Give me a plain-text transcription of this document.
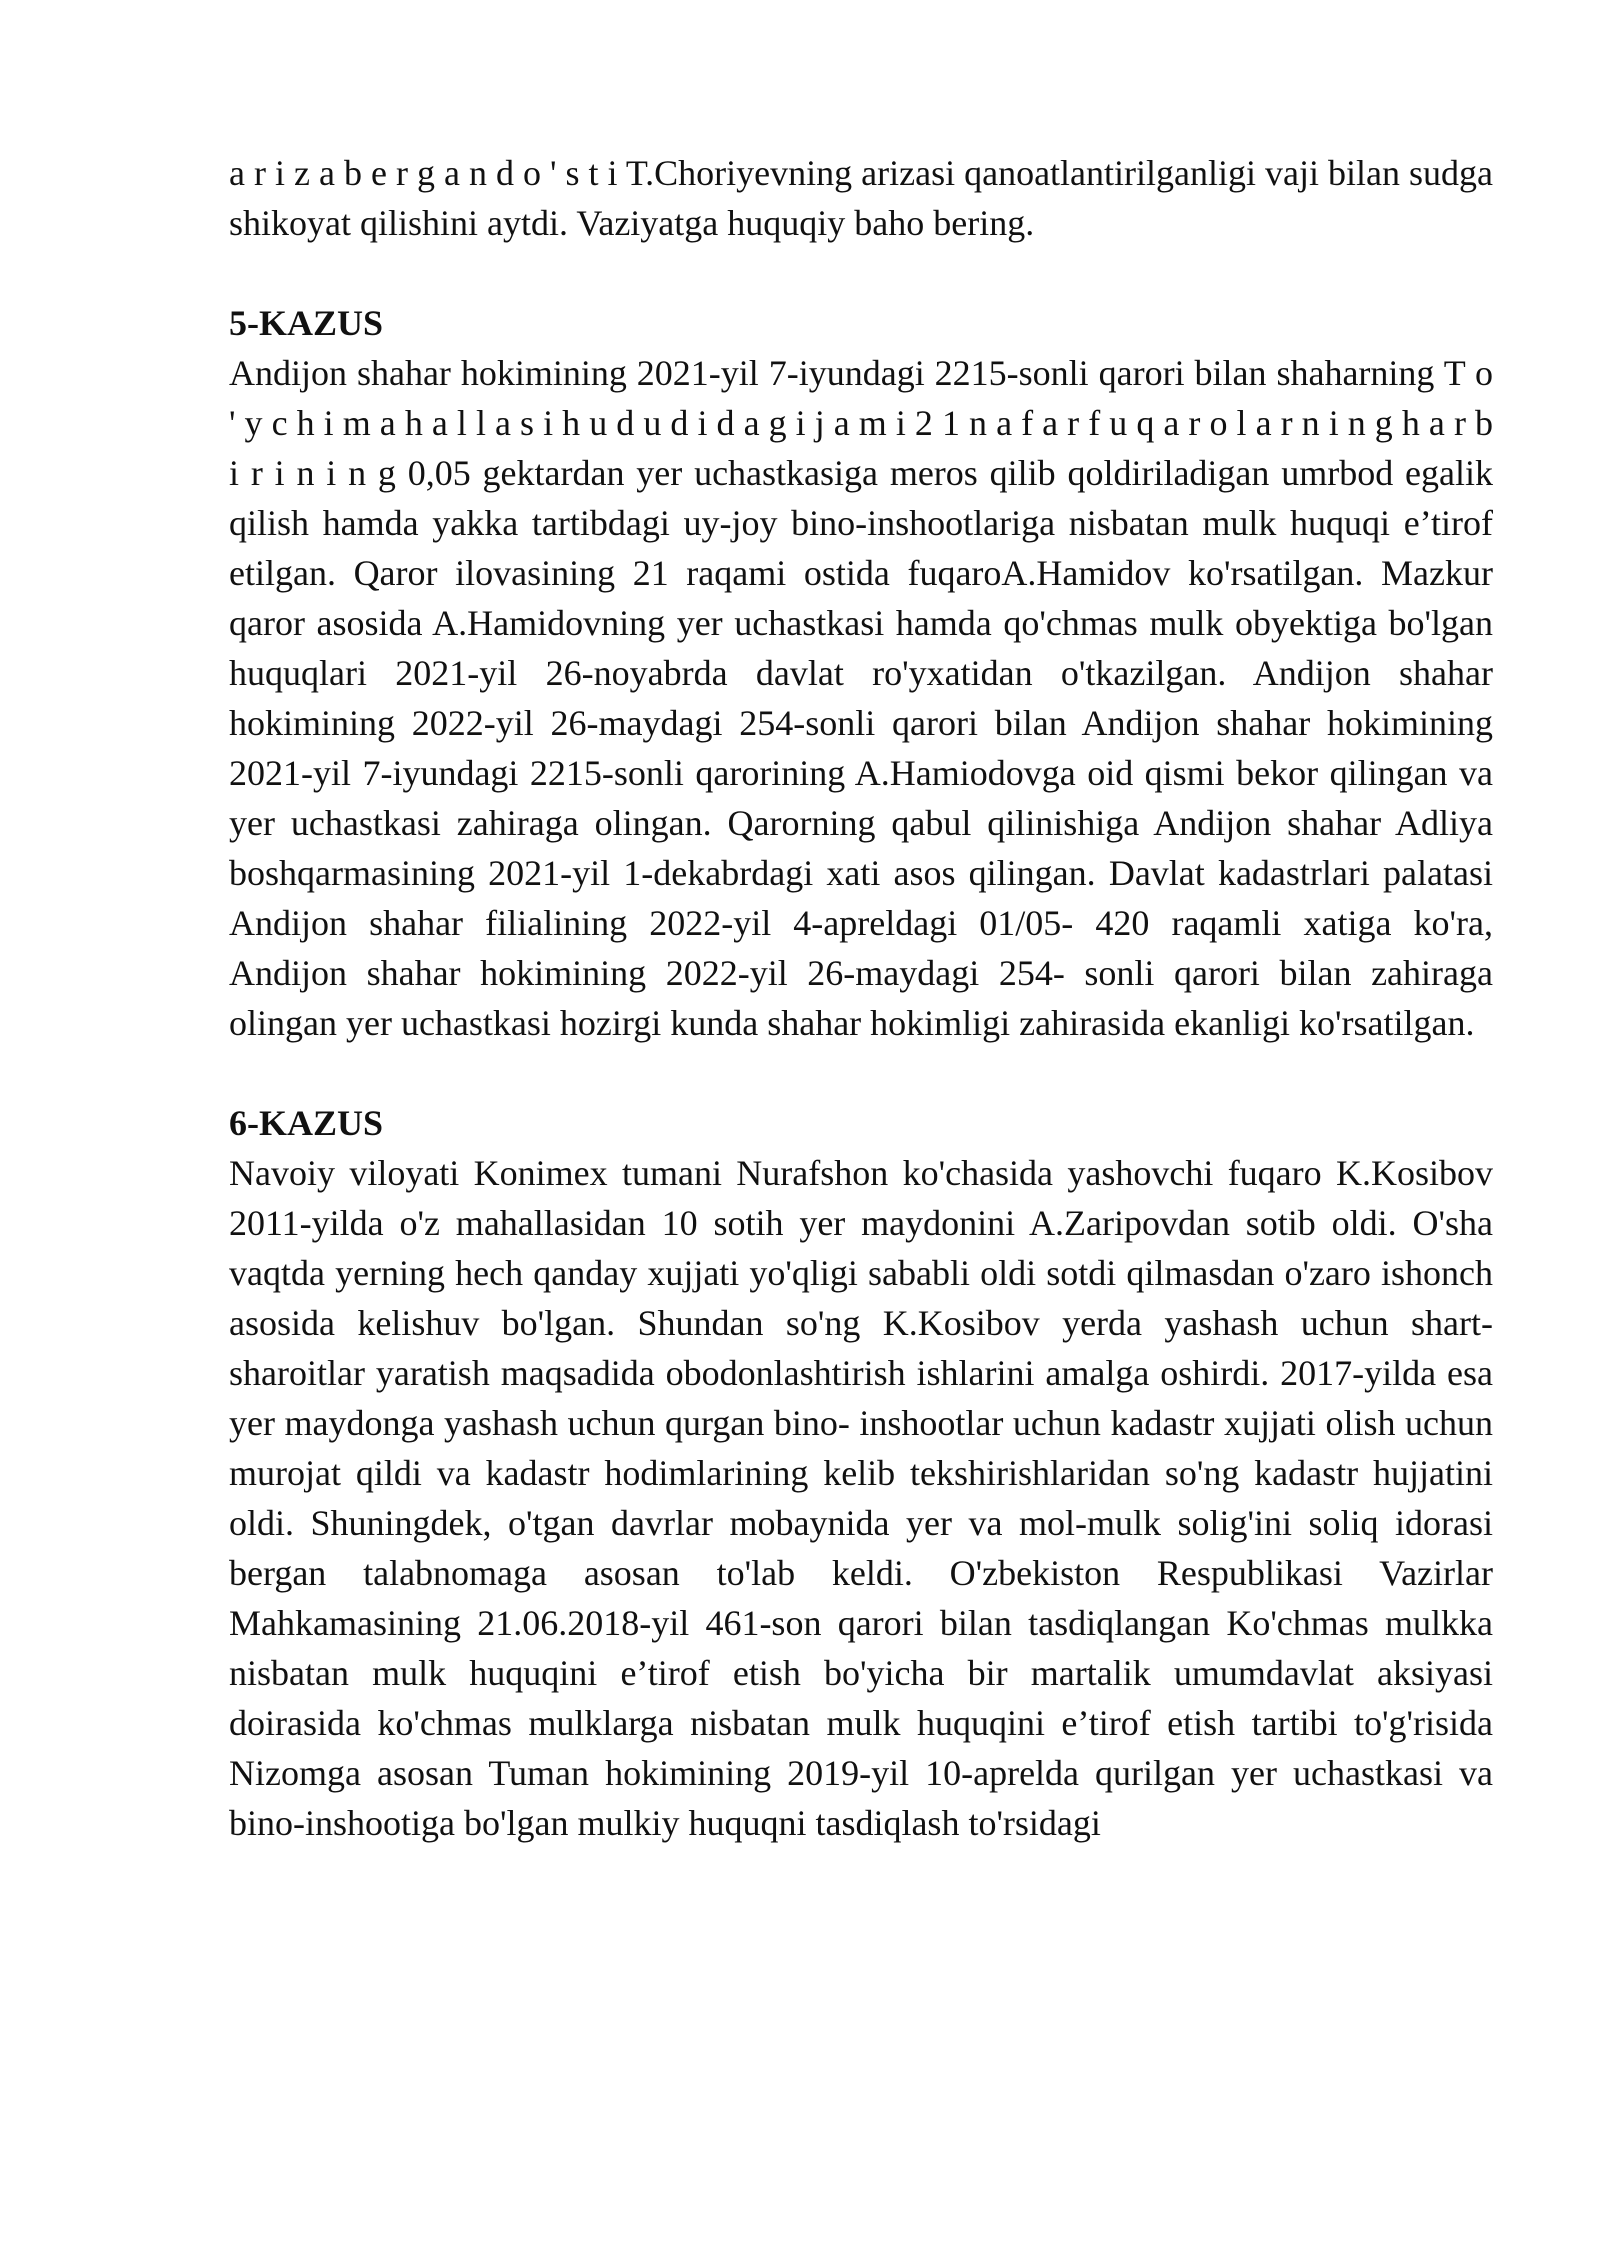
a r i z a b e r g a n d o ' s t i T.Choriyevning arizasi qanoatlantirilganligi vaji bilan sudga shikoyat qilishini aytdi. Vaziyatga huquqiy baho bering.

5-KAZUS

Andijon shahar hokimining 2021-yil 7-iyundagi 2215-sonli qarori bilan shaharning T o ' y c h i m a h a l l a s i h u d u d i d a g i j a m i 2 1 n a f a r f u q a r o l a r n i n g h a r b i r i n i n g 0,05 gektardan yer uchastkasiga meros qilib qoldiriladigan umrbod egalik qilish hamda yakka tartibdagi uy-joy bino-inshootlariga nisbatan mulk huquqi e’tirof etilgan. Qaror ilovasining 21 raqami ostida fuqaroA.Hamidov ko'rsatilgan. Mazkur qaror asosida A.Hamidovning yer uchastkasi hamda qo'chmas mulk obyektiga bo'lgan huquqlari 2021-yil 26-noyabrda davlat ro'yxatidan o'tkazilgan. Andijon shahar hokimining 2022-yil 26-maydagi 254-sonli qarori bilan Andijon shahar hokimining 2021-yil 7-iyundagi 2215-sonli qarorining A.Hamiodovga oid qismi bekor qilingan va yer uchastkasi zahiraga olingan. Qarorning qabul qilinishiga Andijon shahar Adliya boshqarmasining 2021-yil 1-dekabrdagi xati asos qilingan. Davlat kadastrlari palatasi Andijon shahar filialining 2022-yil 4-apreldagi 01/05- 420 raqamli xatiga ko'ra, Andijon shahar hokimining 2022-yil 26-maydagi 254- sonli qarori bilan zahiraga olingan yer uchastkasi hozirgi kunda shahar hokimligi zahirasida ekanligi ko'rsatilgan.

6-KAZUS

Navoiy viloyati Konimex tumani Nurafshon ko'chasida yashovchi fuqaro K.Kosibov 2011-yilda o'z mahallasidan 10 sotih yer maydonini A.Zaripovdan sotib oldi. O'sha vaqtda yerning hech qanday xujjati yo'qligi sababli oldi sotdi qilmasdan o'zaro ishonch asosida kelishuv bo'lgan. Shundan so'ng K.Kosibov yerda yashash uchun shart- sharoitlar yaratish maqsadida obodonlashtirish ishlarini amalga oshirdi. 2017-yilda esa yer maydonga yashash uchun qurgan bino- inshootlar uchun kadastr xujjati olish uchun murojat qildi va kadastr hodimlarining kelib tekshirishlaridan so'ng kadastr hujjatini oldi. Shuningdek, o'tgan davrlar mobaynida yer va mol-mulk solig'ini soliq idorasi bergan talabnomaga asosan to'lab keldi. O'zbekiston Respublikasi Vazirlar Mahkamasining 21.06.2018-yil 461-son qarori bilan tasdiqlangan Ko'chmas mulkka nisbatan mulk huquqini e’tirof etish bo'yicha bir martalik umumdavlat aksiyasi doirasida ko'chmas mulklarga nisbatan mulk huquqini e’tirof etish tartibi to'g'risida Nizomga asosan Tuman hokimining 2019-yil 10-aprelda qurilgan yer uchastkasi va bino-inshootiga bo'lgan mulkiy huquqni tasdiqlash to'rsidagi
